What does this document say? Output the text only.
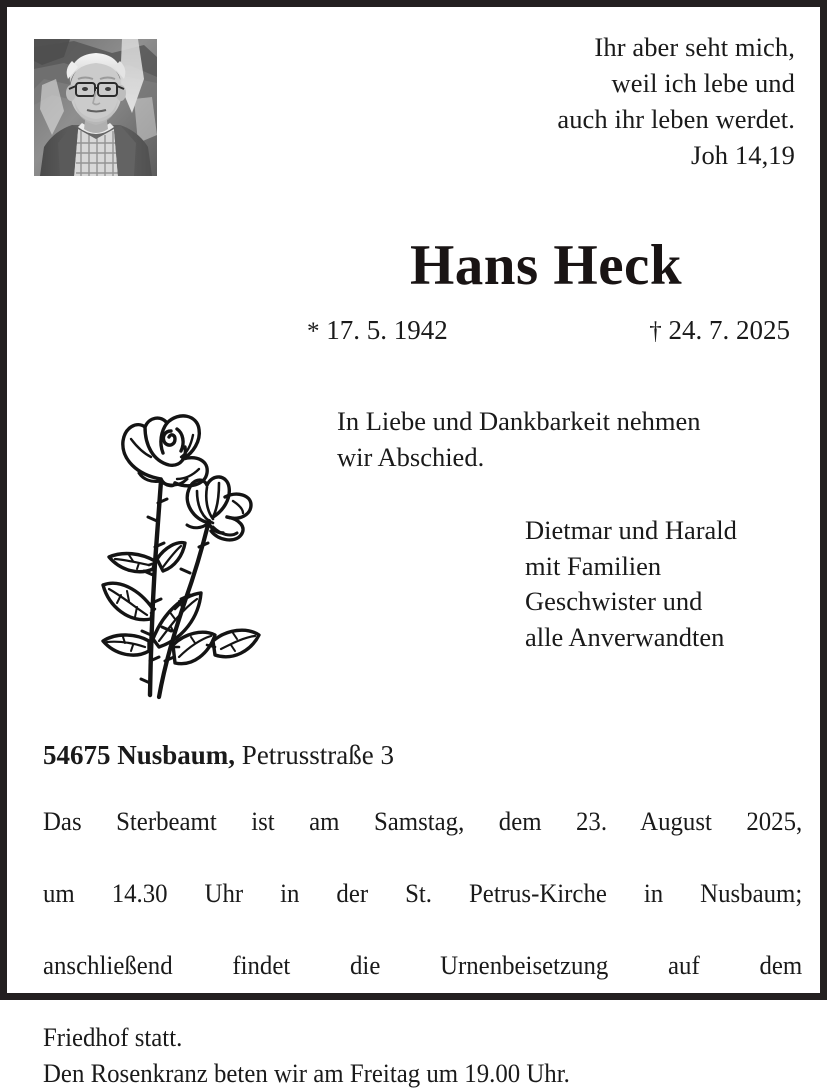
Ihr aber seht mich,
weil ich lebe und
auch ihr leben werdet.
Joh 14,19
Hans Heck
* 17. 5. 1942	† 24. 7. 2025
In Liebe und Dankbarkeit nehmen
wir Abschied.
Dietmar und Harald
mit Familien
Geschwister und
alle Anverwandten
54675 Nusbaum, Petrusstraße 3

Das Sterbeamt ist am Samstag, dem 23. August 2025,

um 14.30 Uhr in der St. Petrus-Kirche in Nusbaum;

anschließend findet die Urnenbeisetzung auf dem

Friedhof statt.

Den Rosenkranz beten wir am Freitag um 19.00 Uhr.
